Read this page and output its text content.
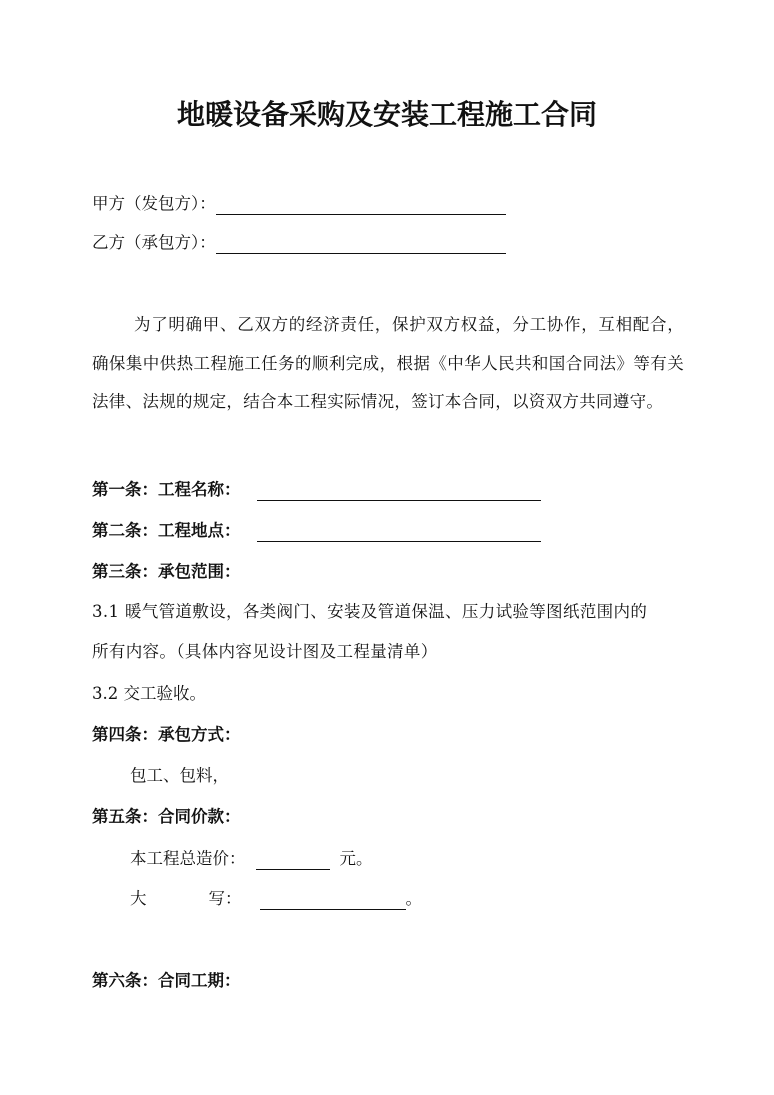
地暖设备采购及安装工程施工合同
甲方（发包方）：
乙方（承包方）：
为了明确甲、乙双方的经济责任，保护双方权益，分工协作，互相配合，确保集中供热工程施工任务的顺利完成，根据《中华人民共和国合同法》等有关法律、法规的规定，结合本工程实际情况，签订本合同，以资双方共同遵守。
第一条：工程名称：
第二条：工程地点：
第三条：承包范围：
3.1 暖气管道敷设，各类阀门、安装及管道保温、压力试验等图纸范围内的
所有内容。（具体内容见设计图及工程量清单）
3.2 交工验收。
第四条：承包方式：
包工、包料，
第五条：合同价款：
本工程总造价：	元。
大	写：	。
第六条：合同工期：
